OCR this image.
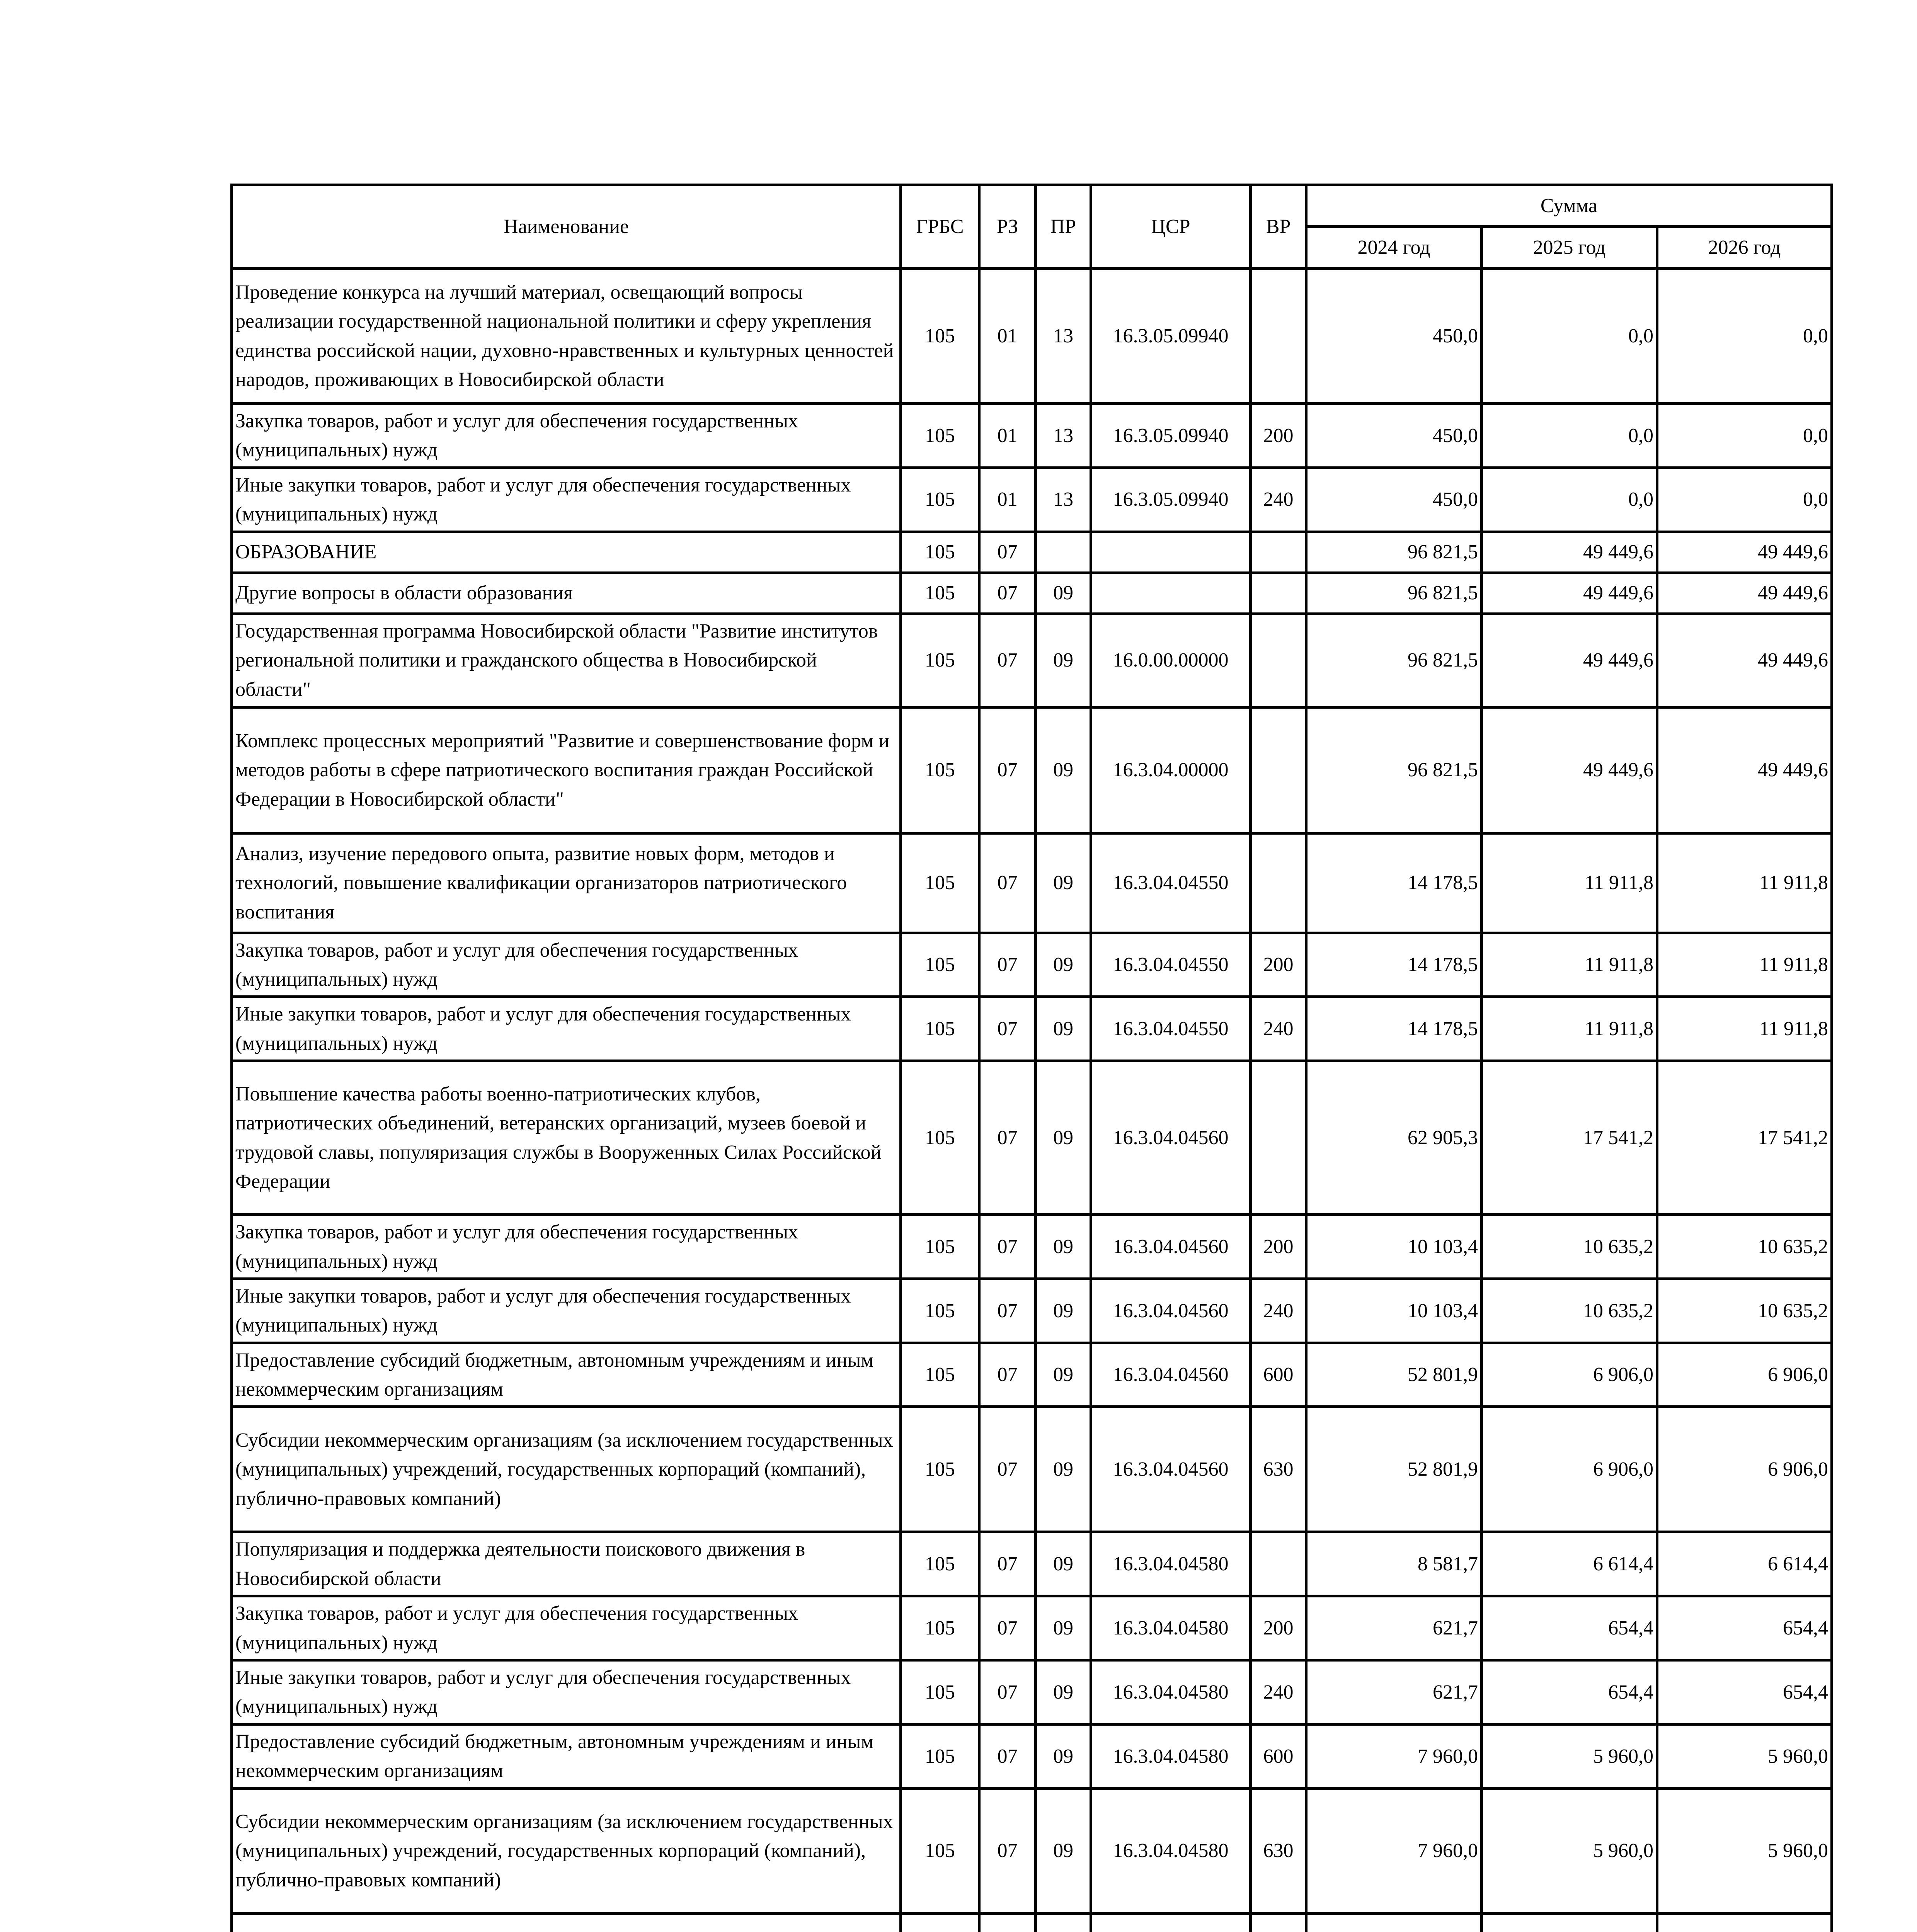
Наименование	ГРБС	РЗ	ПР	ЦСР	ВР	Сумма		
						2024 год	2025 год	2026 год
Проведение конкурса на лучший материал, освещающий вопросы реализации государственной национальной политики и сферу укрепления единства российской нации, духовно-нравственных и культурных ценностей народов, проживающих в Новосибирской области	105	01	13	16.3.05.09940		450,0	0,0	0,0
Закупка товаров, работ и услуг для обеспечения государственных (муниципальных) нужд	105	01	13	16.3.05.09940	200	450,0	0,0	0,0
Иные закупки товаров, работ и услуг для обеспечения государственных (муниципальных) нужд	105	01	13	16.3.05.09940	240	450,0	0,0	0,0
ОБРАЗОВАНИЕ	105	07				96 821,5	49 449,6	49 449,6
Другие вопросы в области образования	105	07	09			96 821,5	49 449,6	49 449,6
Государственная программа Новосибирской области "Развитие институтов региональной политики и гражданского общества в Новосибирской области"	105	07	09	16.0.00.00000		96 821,5	49 449,6	49 449,6
Комплекс процессных мероприятий "Развитие и совершенствование форм и методов работы в сфере патриотического воспитания граждан Российской Федерации в Новосибирской области"	105	07	09	16.3.04.00000		96 821,5	49 449,6	49 449,6
Анализ, изучение передового опыта, развитие новых форм, методов и технологий, повышение квалификации организаторов патриотического воспитания	105	07	09	16.3.04.04550		14 178,5	11 911,8	11 911,8
Закупка товаров, работ и услуг для обеспечения государственных (муниципальных) нужд	105	07	09	16.3.04.04550	200	14 178,5	11 911,8	11 911,8
Иные закупки товаров, работ и услуг для обеспечения государственных (муниципальных) нужд	105	07	09	16.3.04.04550	240	14 178,5	11 911,8	11 911,8
Повышение качества работы военно-патриотических клубов, патриотических объединений, ветеранских организаций, музеев боевой и трудовой славы, популяризация службы в Вооруженных Силах Российской Федерации	105	07	09	16.3.04.04560		62 905,3	17 541,2	17 541,2
Закупка товаров, работ и услуг для обеспечения государственных (муниципальных) нужд	105	07	09	16.3.04.04560	200	10 103,4	10 635,2	10 635,2
Иные закупки товаров, работ и услуг для обеспечения государственных (муниципальных) нужд	105	07	09	16.3.04.04560	240	10 103,4	10 635,2	10 635,2
Предоставление субсидий бюджетным, автономным учреждениям и иным некоммерческим организациям	105	07	09	16.3.04.04560	600	52 801,9	6 906,0	6 906,0
Субсидии некоммерческим организациям (за исключением государственных (муниципальных) учреждений, государственных корпораций (компаний), публично-правовых компаний)	105	07	09	16.3.04.04560	630	52 801,9	6 906,0	6 906,0
Популяризация и поддержка деятельности поискового движения в Новосибирской области	105	07	09	16.3.04.04580		8 581,7	6 614,4	6 614,4
Закупка товаров, работ и услуг для обеспечения государственных (муниципальных) нужд	105	07	09	16.3.04.04580	200	621,7	654,4	654,4
Иные закупки товаров, работ и услуг для обеспечения государственных (муниципальных) нужд	105	07	09	16.3.04.04580	240	621,7	654,4	654,4
Предоставление субсидий бюджетным, автономным учреждениям и иным некоммерческим организациям	105	07	09	16.3.04.04580	600	7 960,0	5 960,0	5 960,0
Субсидии некоммерческим организациям (за исключением государственных (муниципальных) учреждений, государственных корпораций (компаний), публично-правовых компаний)	105	07	09	16.3.04.04580	630	7 960,0	5 960,0	5 960,0
